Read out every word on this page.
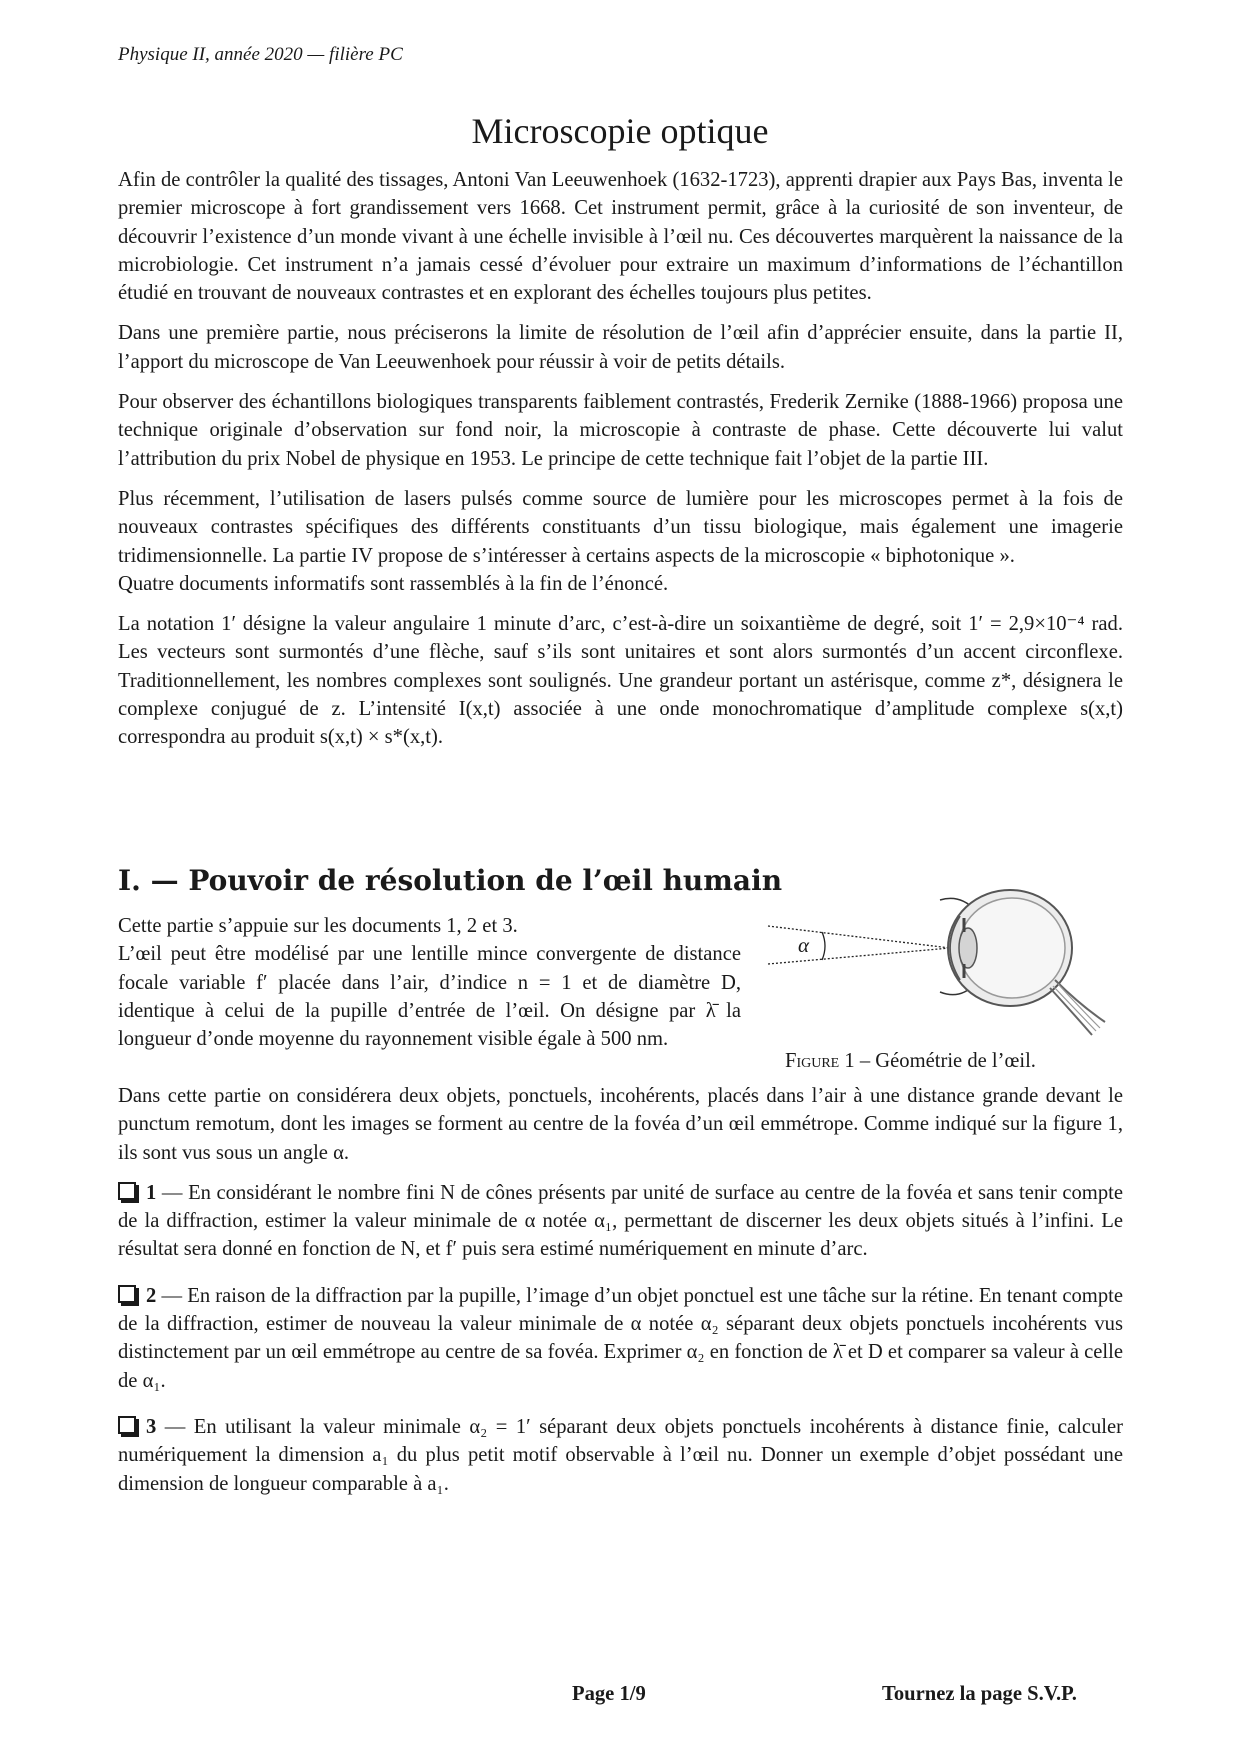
Physique II, année 2020 — filière PC
Microscopie optique

Afin de contrôler la qualité des tissages, Antoni Van Leeuwenhoek (1632-1723), apprenti drapier aux Pays Bas, inventa le premier microscope à fort grandissement vers 1668. Cet instrument permit, grâce à la curiosité de son inventeur, de découvrir l’existence d’un monde vivant à une échelle invisible à l’œil nu. Ces découvertes marquèrent la naissance de la microbiologie. Cet instrument n’a jamais cessé d’évoluer pour extraire un maximum d’informations de l’échantillon étudié en trouvant de nouveaux contrastes et en explorant des échelles toujours plus petites.

Dans une première partie, nous préciserons la limite de résolution de l’œil afin d’apprécier ensuite, dans la partie II, l’apport du microscope de Van Leeuwenhoek pour réussir à voir de petits détails.

Pour observer des échantillons biologiques transparents faiblement contrastés, Frederik Zernike (1888-1966) proposa une technique originale d’observation sur fond noir, la microscopie à contraste de phase. Cette découverte lui valut l’attribution du prix Nobel de physique en 1953. Le principe de cette technique fait l’objet de la partie III.

Plus récemment, l’utilisation de lasers pulsés comme source de lumière pour les microscopes permet à la fois de nouveaux contrastes spécifiques des différents constituants d’un tissu biologique, mais également une imagerie tridimensionnelle. La partie IV propose de s’intéresser à certains aspects de la microscopie « biphotonique ».

Quatre documents informatifs sont rassemblés à la fin de l’énoncé.

La notation 1′ désigne la valeur angulaire 1 minute d’arc, c’est-à-dire un soixantième de degré, soit 1′ = 2,9×10⁻⁴ rad. Les vecteurs sont surmontés d’une flèche, sauf s’ils sont unitaires et sont alors surmontés d’un accent circonflexe. Traditionnellement, les nombres complexes sont soulignés. Une grandeur portant un astérisque, comme z*, désignera le complexe conjugué de z. L’intensité I(x,t) associée à une onde monochromatique d’amplitude complexe s(x,t) correspondra au produit s(x,t) × s*(x,t).

I. — Pouvoir de résolution de l’œil humain

Cette partie s’appuie sur les documents 1, 2 et 3.

L’œil peut être modélisé par une lentille mince convergente de distance focale variable f′ placée dans l’air, d’indice n = 1 et de diamètre D, identique à celui de la pupille d’entrée de l’œil. On désigne par λ̄ la longueur d’onde moyenne du rayonnement visible égale à 500 nm.

α
Figure 1 – Géométrie de l’œil.

Dans cette partie on considérera deux objets, ponctuels, incohérents, placés dans l’air à une distance grande devant le punctum remotum, dont les images se forment au centre de la fovéa d’un œil emmétrope. Comme indiqué sur la figure 1, ils sont vus sous un angle α.

1 — En considérant le nombre fini N de cônes présents par unité de surface au centre de la fovéa et sans tenir compte de la diffraction, estimer la valeur minimale de α notée α₁, permettant de discerner les deux objets situés à l’infini. Le résultat sera donné en fonction de N, et f′ puis sera estimé numériquement en minute d’arc.

2 — En raison de la diffraction par la pupille, l’image d’un objet ponctuel est une tâche sur la rétine. En tenant compte de la diffraction, estimer de nouveau la valeur minimale de α notée α₂ séparant deux objets ponctuels incohérents vus distinctement par un œil emmétrope au centre de sa fovéa. Exprimer α₂ en fonction de λ̄ et D et comparer sa valeur à celle de α₁.

3 — En utilisant la valeur minimale α₂ = 1′ séparant deux objets ponctuels incohérents à distance finie, calculer numériquement la dimension a₁ du plus petit motif observable à l’œil nu. Donner un exemple d’objet possédant une dimension de longueur comparable à a₁.

Page 1/9	Tournez la page S.V.P.
